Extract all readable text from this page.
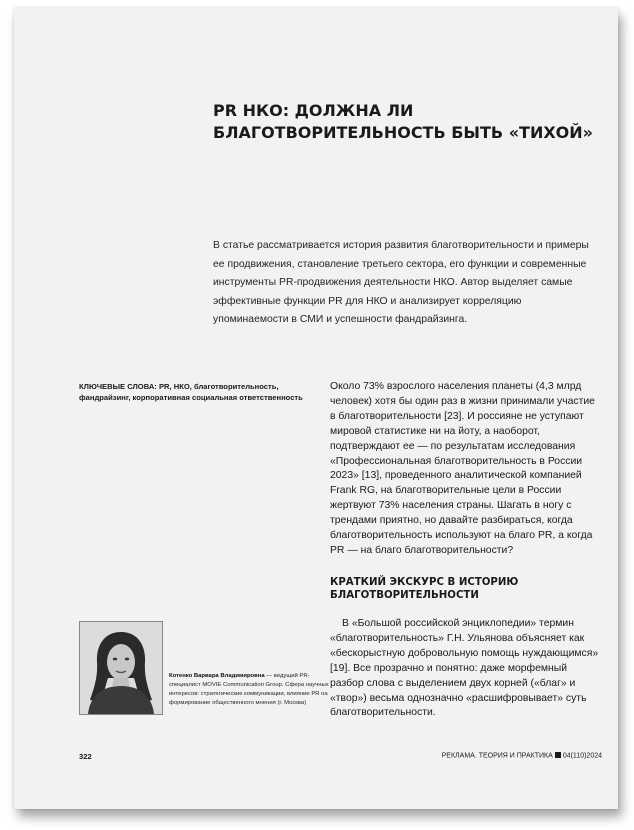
PR НКО: ДОЛЖНА ЛИ
БЛАГОТВОРИТЕЛЬНОСТЬ БЫТЬ «ТИХОЙ»

В статье рассматривается история развития благотворительности и примеры ее продвижения, становление третьего сектора, его функции и современные инструменты PR-продвижения деятельности НКО. Автор выделяет самые эффективные функции PR для НКО и анализирует корреляцию упоминаемости в СМИ и успешности фандрайзинга.

КЛЮЧЕВЫЕ СЛОВА: PR, НКО, благотворительность, фандрайзинг, корпоративная социальная ответственность

Около 73% взрослого населения планеты (4,3 млрд человек) хотя бы один раз в жизни принимали участие в благотворительности [23]. И россияне не уступают мировой статистике ни на йоту, а наоборот, подтверждают ее — по результатам исследования «Профессиональная благотворительность в России 2023» [13], проведенного аналитической компанией Frank RG, на благотворительные цели в России жертвуют 73% населения страны. Шагать в ногу с трендами приятно, но давайте разбираться, когда благотворительность используют на благо PR, а когда PR — на благо благотворительности?

КРАТКИЙ ЭКСКУРС В ИСТОРИЮ
БЛАГОТВОРИТЕЛЬНОСТИ

В «Большой российской энциклопедии» термин «благотворительность» Г.Н. Ульянова объясняет как «бескорыстную добровольную помощь нуждающимся» [19]. Все прозрачно и понятно: даже морфемный разбор слова с выделением двух корней («благ» и «твор») весьма однозначно «расшифровывает» суть благотворительности.

Котенко Варвара Владимировна — ведущий PR-специалист MOVIE Communication Group. Сфера научных интересов: стратегические коммуникации, влияние PR на формирование общественного мнения (г. Москва)

322	РЕКЛАМА. ТЕОРИЯ И ПРАКТИКА 04(110)2024
